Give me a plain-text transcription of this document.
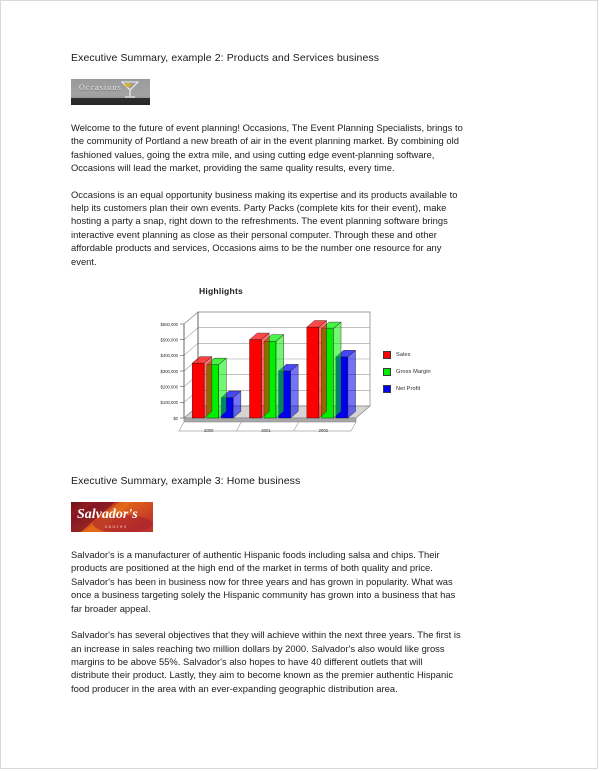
Executive Summary, example 2: Products and Services business
Occasions

Welcome to the future of event planning! Occasions, The Event Planning Specialists, brings to the community of Portland a new breath of air in the event planning market. By combining old fashioned values, going the extra mile, and using cutting edge event-planning software, Occasions will lead the market, providing the same quality results, every time.

Occasions is an equal opportunity business making its expertise and its products available to help its customers plan their own events. Party Packs (complete kits for their event), make hosting a party a snap, right down to the refreshments. The event planning software brings interactive event planning as close as their personal computer. Through these and other affordable products and services, Occasions aims to be the number one resource for any event.

Highlights
$0
$100,000
$200,000
$300,000
$400,000
$500,000
$600,000
2000	2001	2002
Sales
Gross Margin
Net Profit
Executive Summary, example 3: Home business
Salvador's
sauces

Salvador's is a manufacturer of authentic Hispanic foods including salsa and chips. Their products are positioned at the high end of the market in terms of both quality and price. Salvador's has been in business now for three years and has grown in popularity. What was once a business targeting solely the Hispanic community has grown into a business that has far broader appeal.

Salvador's has several objectives that they will achieve within the next three years. The first is an increase in sales reaching two million dollars by 2000. Salvador's also would like gross margins to be above 55%. Salvador's also hopes to have 40 different outlets that will distribute their product. Lastly, they aim to become known as the premier authentic Hispanic food producer in the area with an ever-expanding geographic distribution area.
